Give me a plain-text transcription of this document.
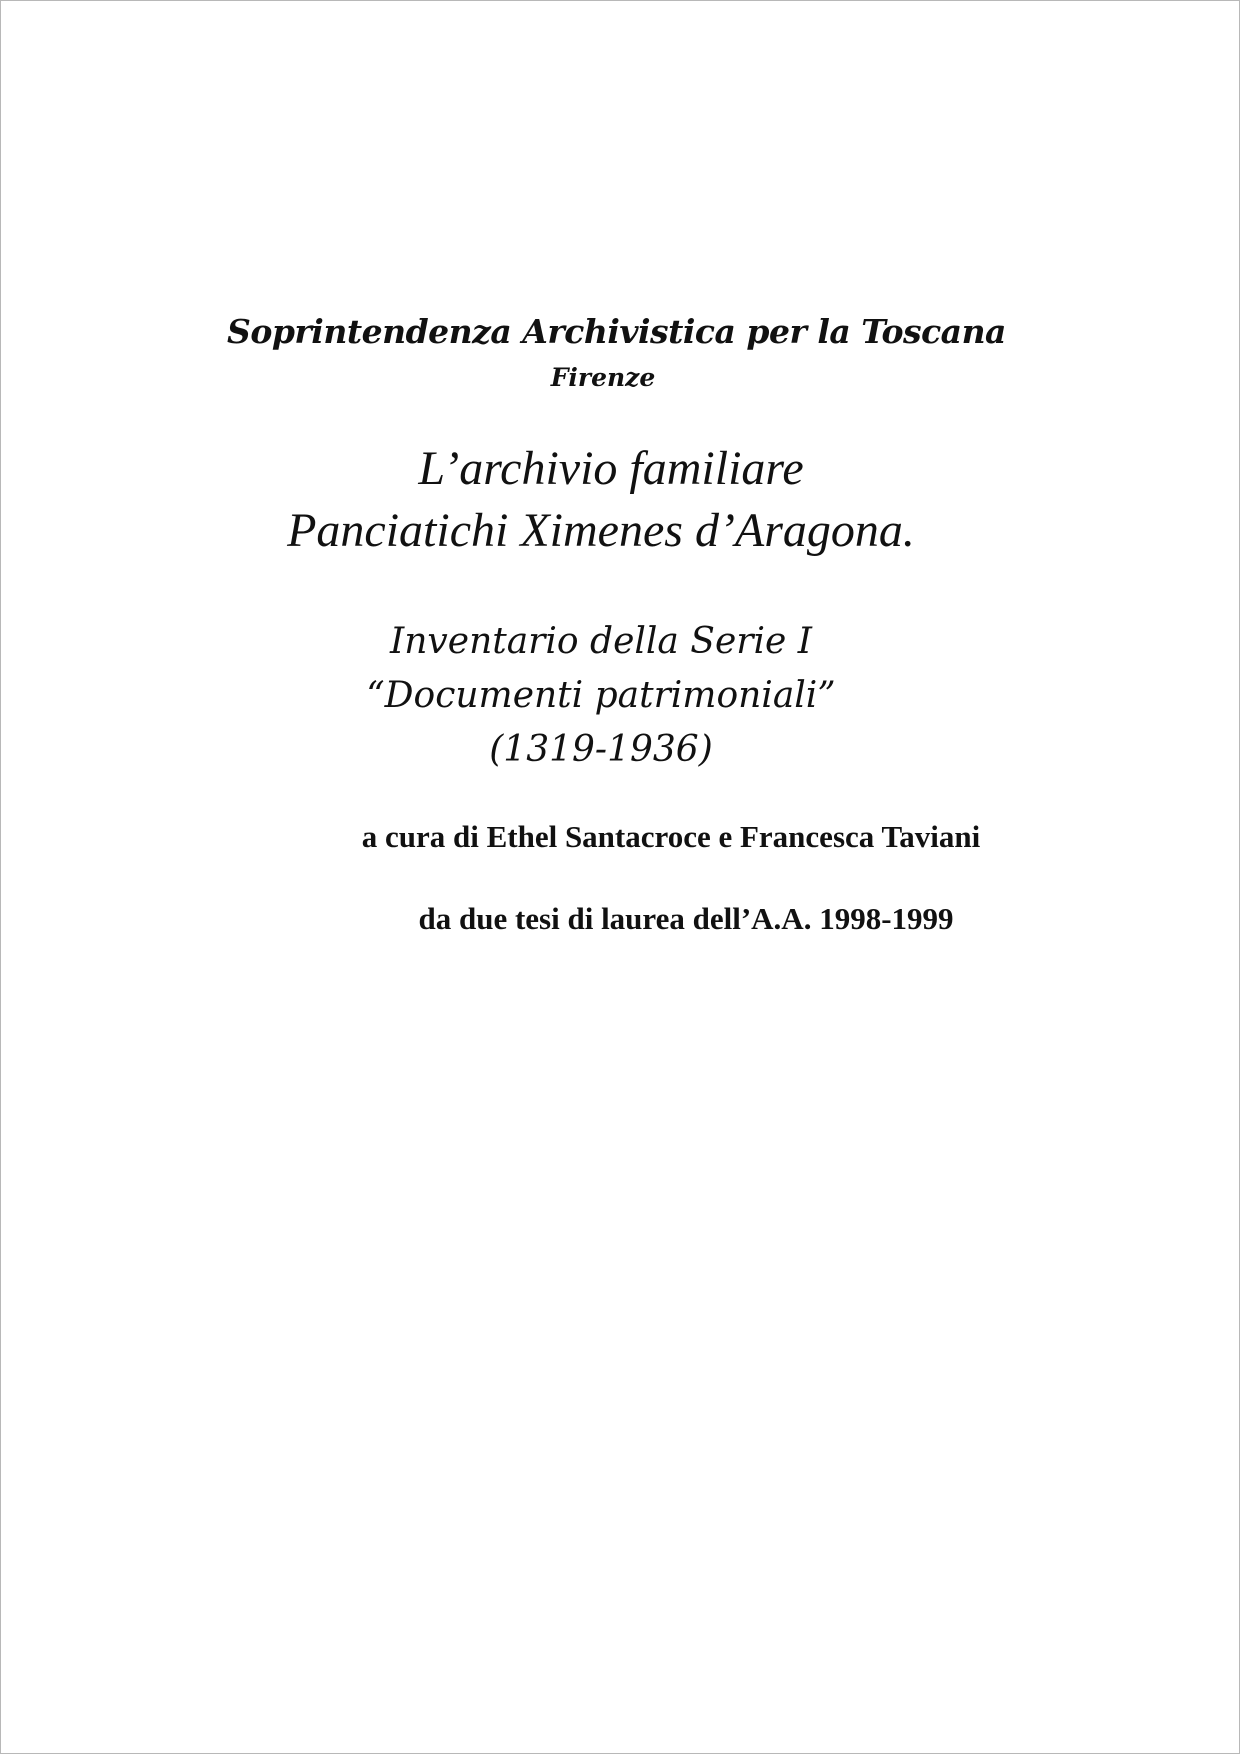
Soprintendenza Archivistica per la Toscana

Firenze

L’archivio familiare

Panciatichi Ximenes d’Aragona.

Inventario della Serie I

“Documenti patrimoniali”

(1319-1936)

a cura di Ethel Santacroce e Francesca Taviani

da due tesi di laurea dell’A.A. 1998-1999
